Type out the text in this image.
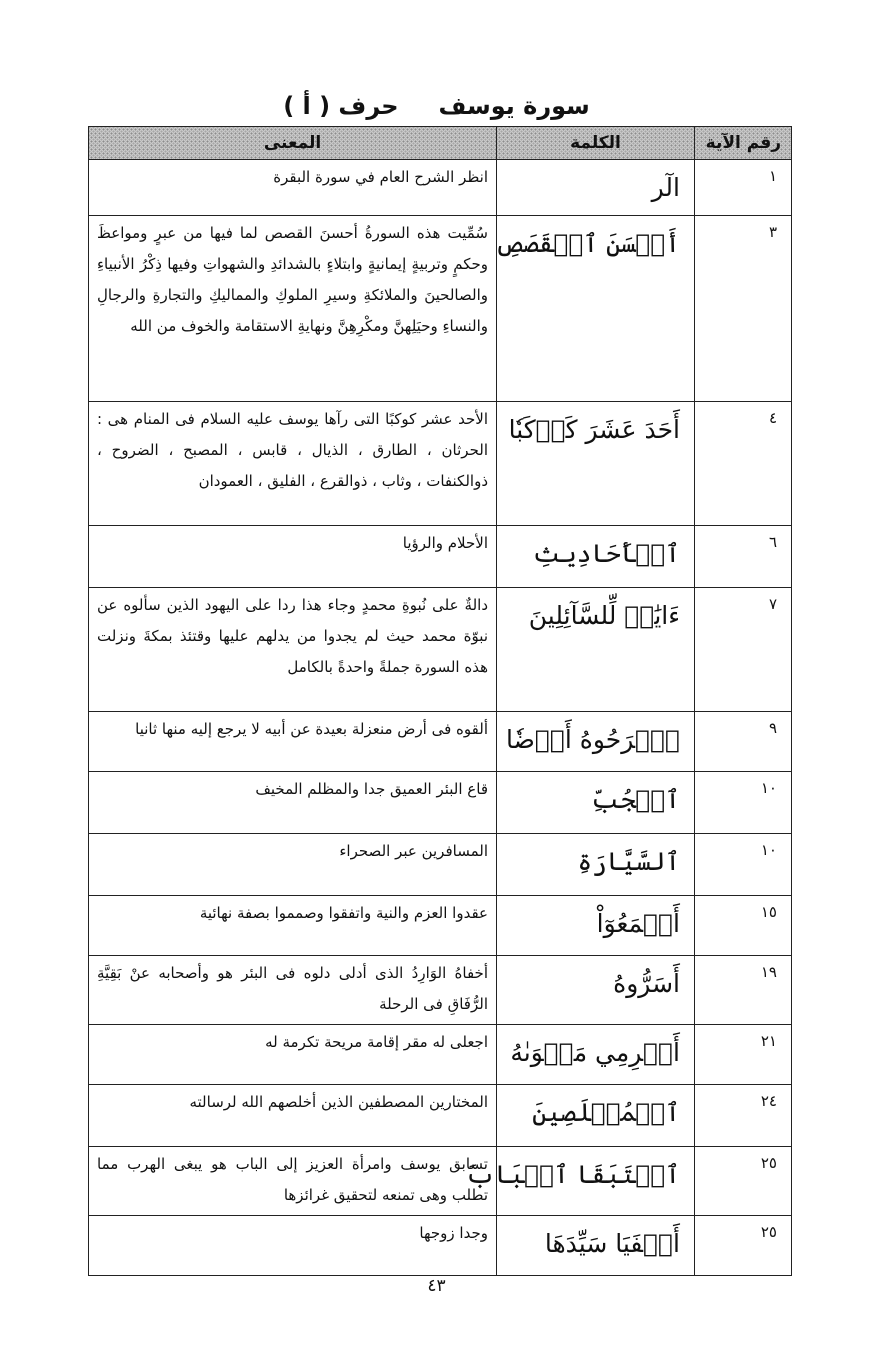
سورة يوسفحرف ( أ )
رقم الآية	الكلمة	المعنى
١	الٓر	انظر الشرح العام في سورة البقرة
٣	أَحۡسَنَ ٱلۡقَصَصِ	سُمِّيت هذه السورةُ أحسنَ القصص لما فيها من عبرٍ ومواعظَ وحكمٍ وتربيةٍ إيمانيةٍ وابتلاءٍ بالشدائدِ والشهواتِ وفيها ذِكْرُ الأنبياءِ والصالحينَ والملائكةِ وسيرِ الملوكِ والمماليكِ والتجارةِ والرجالِ والنساءِ وحيَلِهنَّ ومكْرِهِنَّ ونهايةِ الاستقامة والخوف من الله
٤	أَحَدَ عَشَرَ كَوۡكَبٗا	الأحد عشر كوكبًا التى رآها يوسف عليه السلام فى المنام هى : الحرثان ، الطارق ، الذيال ، قابس ، المصبح ، الضروح ، ذوالكنفات ، وثاب ، ذوالقرع ، الفليق ، العمودان
٦	ٱلۡأَحَادِيثِ	الأحلام والرؤيا
٧	ءَايَٰتٞ لِّلسَّآئِلِينَ	دالةٌ على نُبوةِ محمدٍ وجاء هذا ردا على اليهود الذين سألوه عن نبوّة محمد حيث لم يجدوا من يدلهم عليها وقتئذ بمكةَ ونزلت هذه السورة جملةً واحدةً بالكامل
٩	ٱطۡرَحُوهُ أَرۡضٗا	ألقوه فى أرض منعزلة بعيدة عن أبيه لا يرجع إليه منها ثانيا
١٠	ٱلۡجُبِّ	قاع البئر العميق جدا والمظلم المخيف
١٠	ٱلسَّيَّارَةِ	المسافرين عبر الصحراء
١٥	أَجۡمَعُوٓاْ	عقدوا العزم والنية واتفقوا وصمموا بصفة نهائية
١٩	أَسَرُّوهُ	أخفاهُ الوَارِدُ الذى أدلى دلوه فى البئر هو وأصحابه عنْ بَقِيَّةِ الرُّفَاقِ فى الرحلة
٢١	أَكۡرِمِي مَثۡوَىٰهُ	اجعلى له مقر إقامة مريحة تكرمة له
٢٤	ٱلۡمُخۡلَصِينَ	المختارين المصطفين الذين أخلصهم الله لرسالته
٢٥	ٱسۡتَبَقَا ٱلۡبَابَ	تسابق يوسف وامرأة العزيز إلى الباب هو يبغى الهرب مما تطلب وهى تمنعه لتحقيق غرائزها
٢٥	أَلۡفَيَا سَيِّدَهَا	وجدا زوجها
٤٣
